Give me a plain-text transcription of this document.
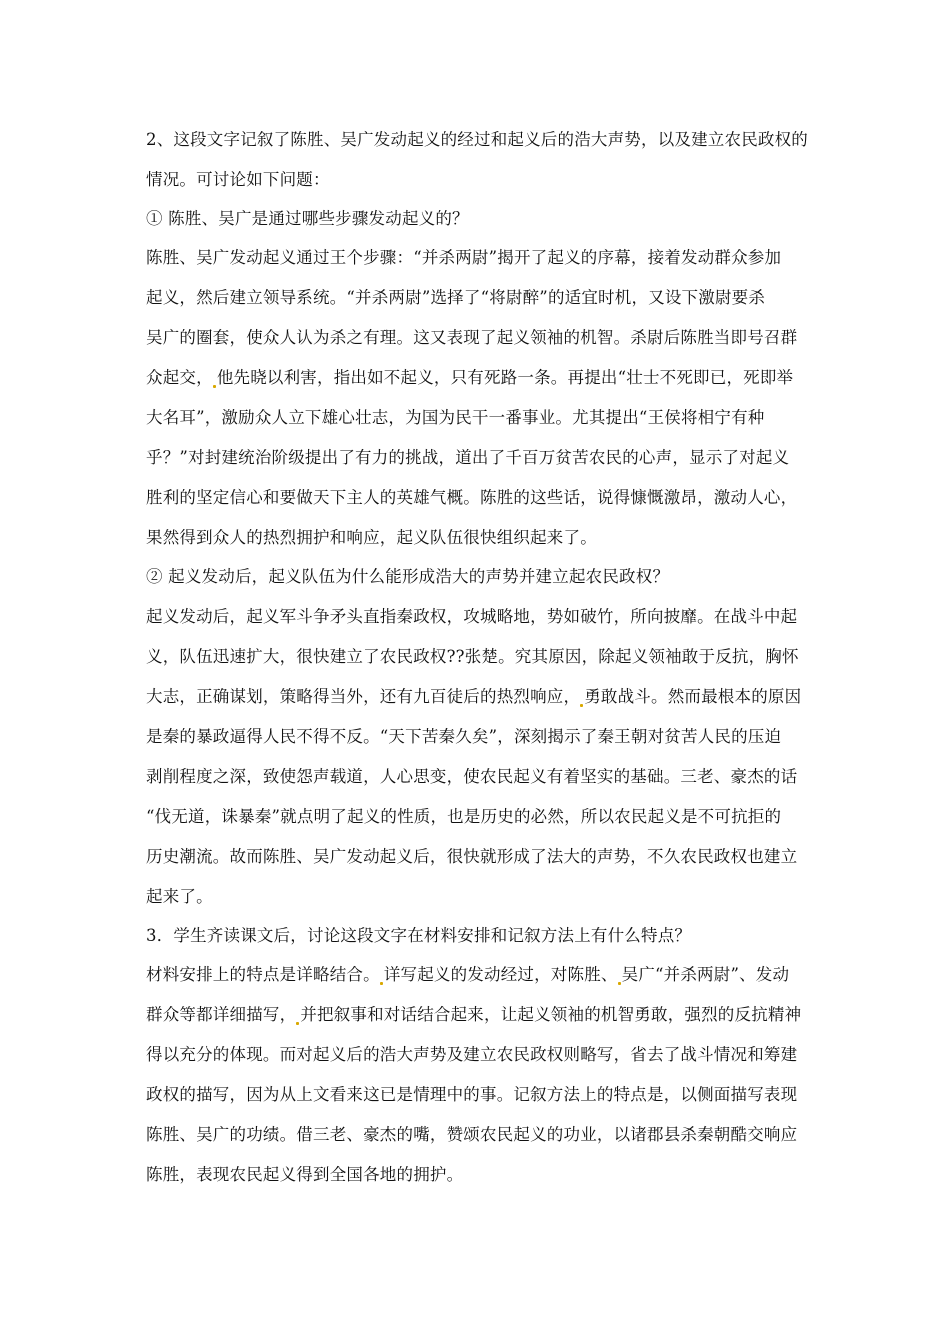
2、这段文字记叙了陈胜、吴广发动起义的经过和起义后的浩大声势，以及建立农民政权的
情况。可讨论如下问题：
① 陈胜、吴广是通过哪些步骤发动起义的？
陈胜、吴广发动起义通过王个步骤：“并杀两尉”揭开了起义的序幕，接着发动群众参加
起义，然后建立领导系统。“并杀两尉”选择了“将尉醉”的适宜时机，又设下激尉要杀
吴广的圈套，使众人认为杀之有理。这又表现了起义领袖的机智。杀尉后陈胜当即号召群
众起交， 他先晓以利害，指出如不起义，只有死路一条。再提出“壮士不死即已，死即举
大名耳”，激励众人立下雄心壮志，为国为民干一番事业。尤其提出“王侯将相宁有种
乎？”对封建统治阶级提出了有力的挑战，道出了千百万贫苦农民的心声，显示了对起义
胜利的坚定信心和要做天下主人的英雄气概。陈胜的这些话，说得慷慨激昂，激动人心，
果然得到众人的热烈拥护和响应，起义队伍很快组织起来了。
② 起义发动后，起义队伍为什么能形成浩大的声势并建立起农民政权？
起义发动后，起义军斗争矛头直指秦政权，攻城略地，势如破竹，所向披靡。在战斗中起
义，队伍迅速扩大，很快建立了农民政权??张楚。究其原因，除起义领袖敢于反抗，胸怀
大志，正确谋划，策略得当外，还有九百徒后的热烈响应， 勇敢战斗。然而最根本的原因
是秦的暴政逼得人民不得不反。“天下苦秦久矣”，深刻揭示了秦王朝对贫苦人民的压迫
剥削程度之深，致使怨声载道，人心思变，使农民起义有着坚实的基础。三老、豪杰的话
“伐无道，诛暴秦”就点明了起义的性质，也是历史的必然，所以农民起义是不可抗拒的
历史潮流。故而陈胜、吴广发动起义后，很快就形成了法大的声势，不久农民政权也建立
起来了。
3．学生齐读课文后，讨论这段文字在材料安排和记叙方法上有什么特点？
材料安排上的特点是详略结合。 详写起义的发动经过，对陈胜、 吴广“并杀两尉”、发动
群众等都详细描写， 并把叙事和对话结合起来，让起义领袖的机智勇敢，强烈的反抗精神
得以充分的体现。而对起义后的浩大声势及建立农民政权则略写，省去了战斗情况和筹建
政权的描写，因为从上文看来这已是情理中的事。记叙方法上的特点是，以侧面描写表现
陈胜、吴广的功绩。借三老、豪杰的嘴，赞颂农民起义的功业，以诸郡县杀秦朝酷交响应
陈胜，表现农民起义得到全国各地的拥护。
